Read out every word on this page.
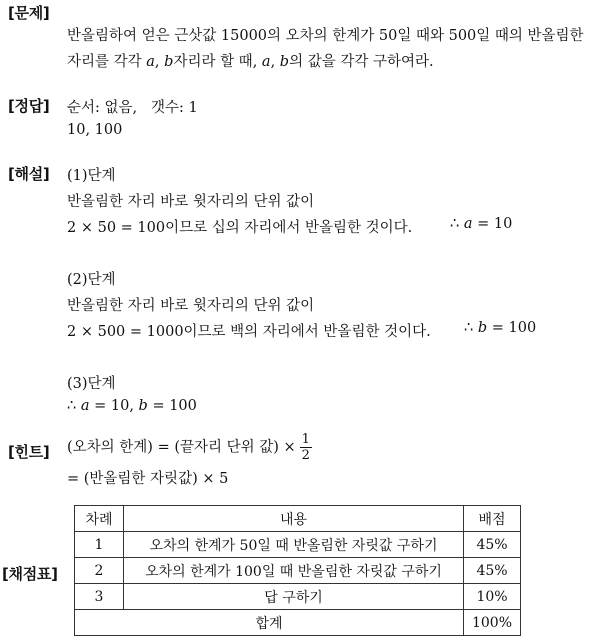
[문제]
반올림하여 얻은 근삿값 15000의 오차의 한계가 50일 때와 500일 때의 반올림한
자리를 각각 a, b자리라 할 때, a, b의 값을 각각 구하여라.
[정답] 순서: 없음,   갯수: 1
10, 100
[해설] (1)단계
반올림한 자리 바로 윗자리의 단위 값이
2 × 50 = 100이므로 십의 자리에서 반올림한 것이다.	∴ a = 10
(2)단계
반올림한 자리 바로 윗자리의 단위 값이
2 × 500 = 1000이므로 백의 자리에서 반올림한 것이다. ∴ b = 100
(3)단계
∴ a = 10, b = 100
[힌트] (오차의 한계) = (끝자리 단위 값) × $\frac{1}{2}$
= (반올림한 자릿값) × 5
[채점표]
차례	내용	배점
1	오차의 한계가 50일 때 반올림한 자릿값 구하기	45%
2	오차의 한계가 100일 때 반올림한 자릿값 구하기	45%
3	답 구하기	10%
합계		100%
